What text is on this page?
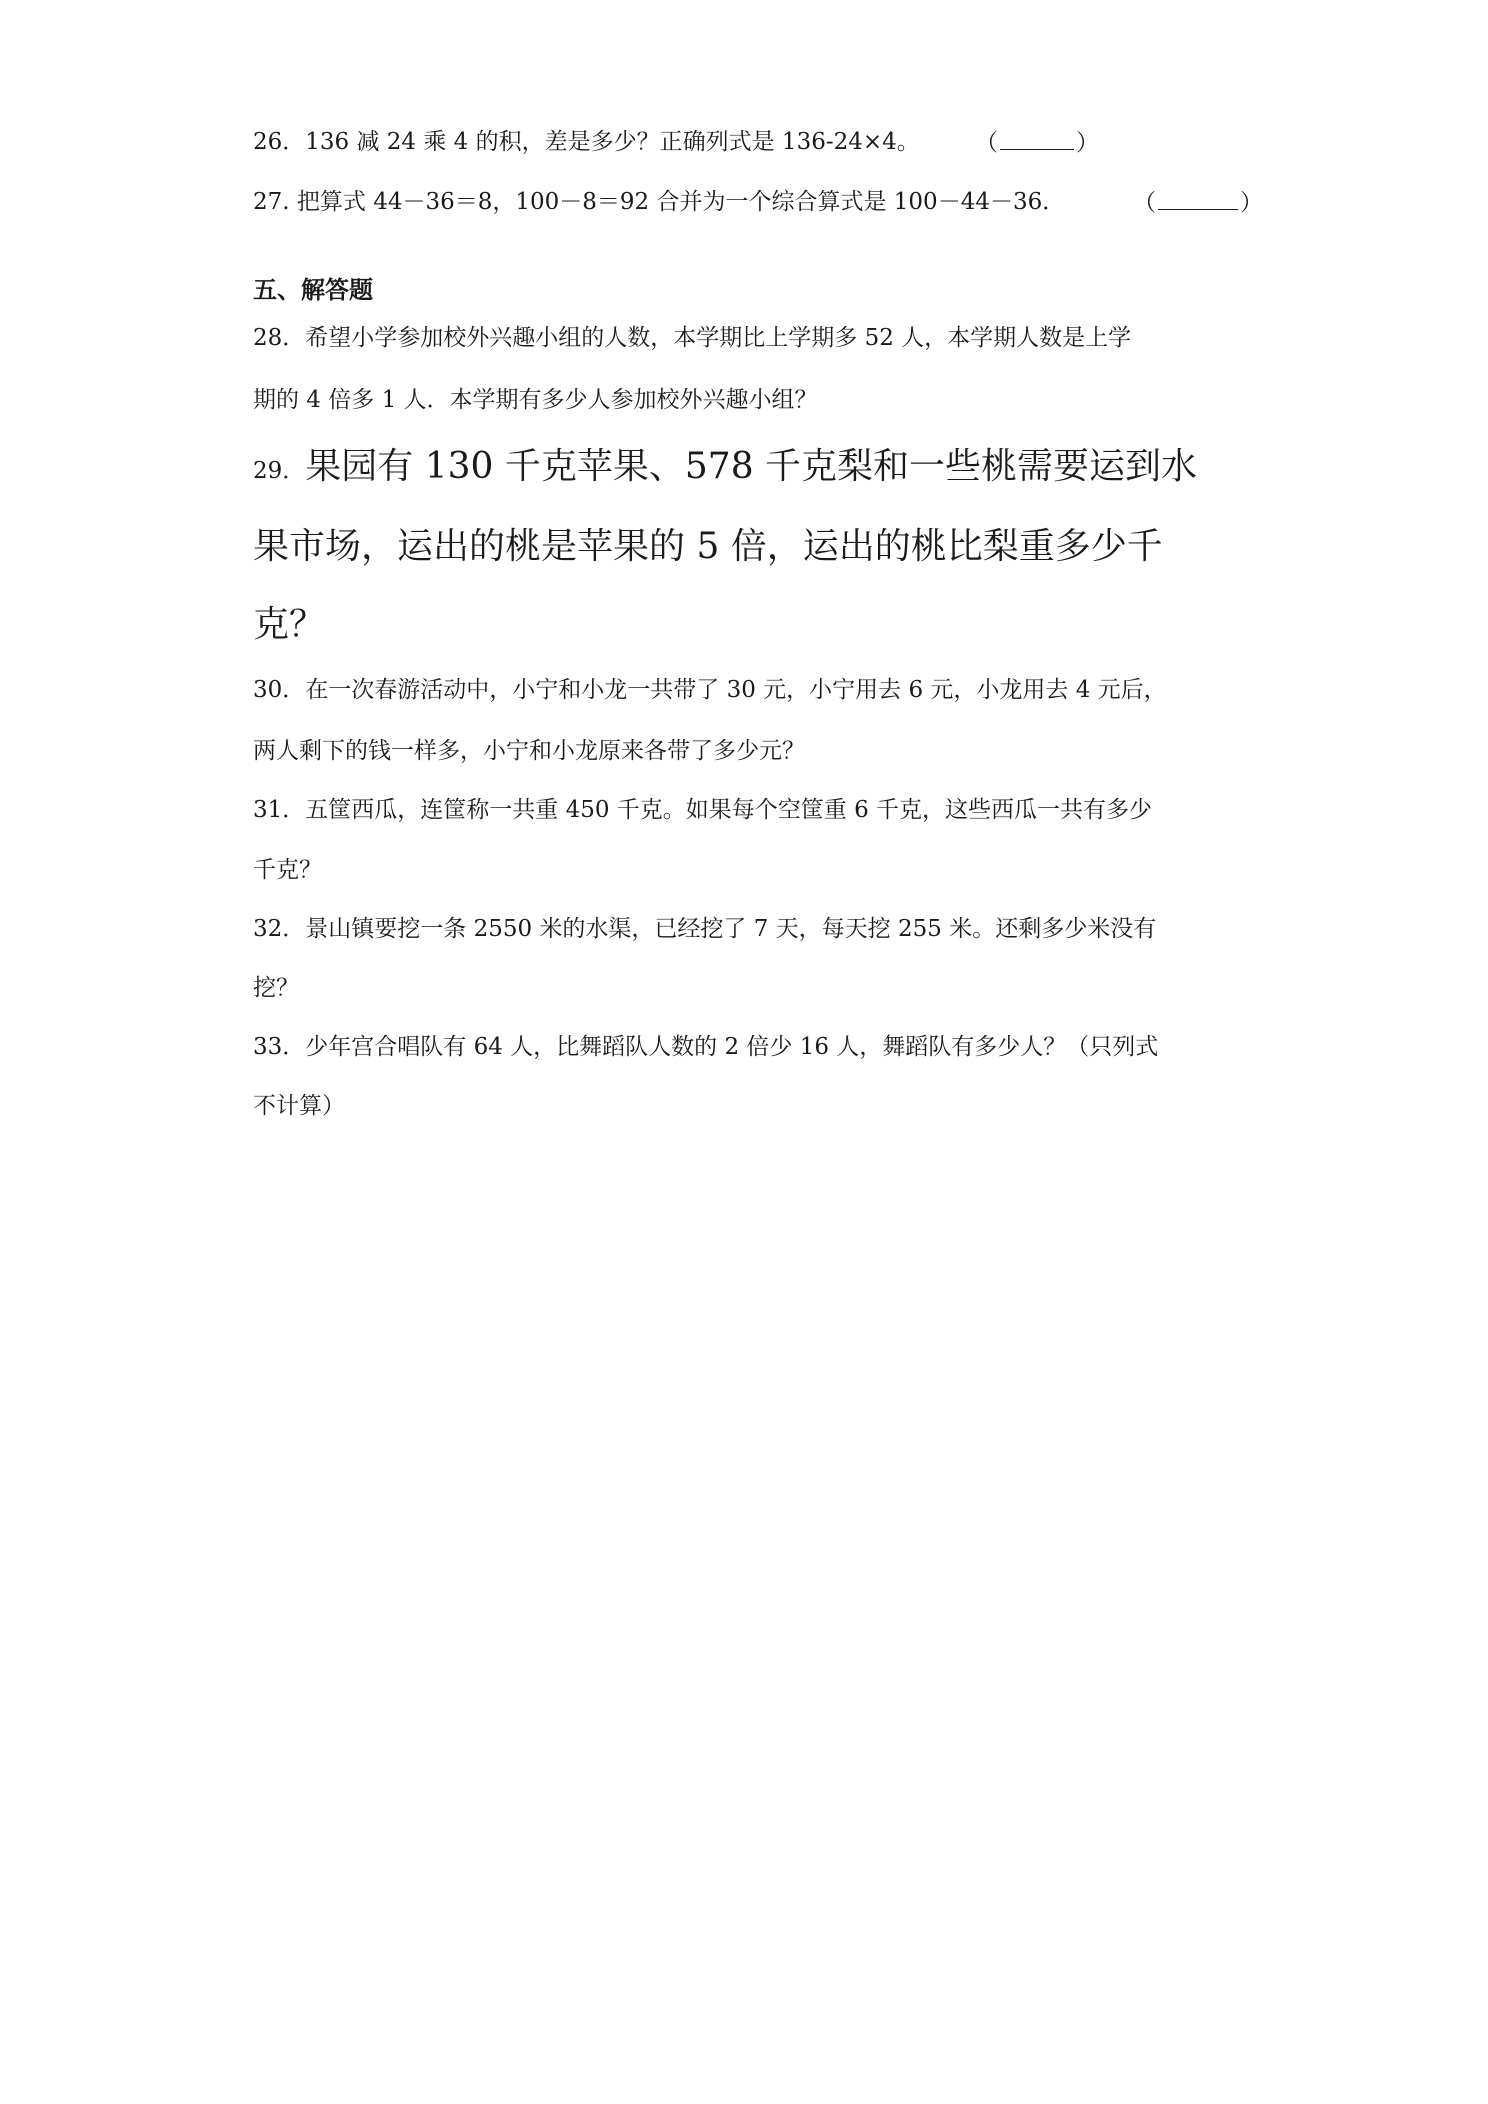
26．136 减 24 乘 4 的积，差是多少？正确列式是 136-24×4。 （	）
27. 把算式 44－36＝8，100－8＝92 合并为一个综合算式是 100－44－36．	（	）
五、解答题
28．希望小学参加校外兴趣小组的人数，本学期比上学期多 52 人，本学期人数是上学
期的 4 倍多 1 人．本学期有多少人参加校外兴趣小组？
29．果园有 130 千克苹果、578 千克梨和一些桃需要运到水
果市场，运出的桃是苹果的 5 倍，运出的桃比梨重多少千
克？
30．在一次春游活动中，小宁和小龙一共带了 30 元，小宁用去 6 元，小龙用去 4 元后，
两人剩下的钱一样多，小宁和小龙原来各带了多少元？
31．五筐西瓜，连筐称一共重 450 千克。如果每个空筐重 6 千克，这些西瓜一共有多少
千克？
32．景山镇要挖一条 2550 米的水渠，已经挖了 7 天，每天挖 255 米。还剩多少米没有
挖？
33．少年宫合唱队有 64 人，比舞蹈队人数的 2 倍少 16 人，舞蹈队有多少人？（只列式
不计算）
